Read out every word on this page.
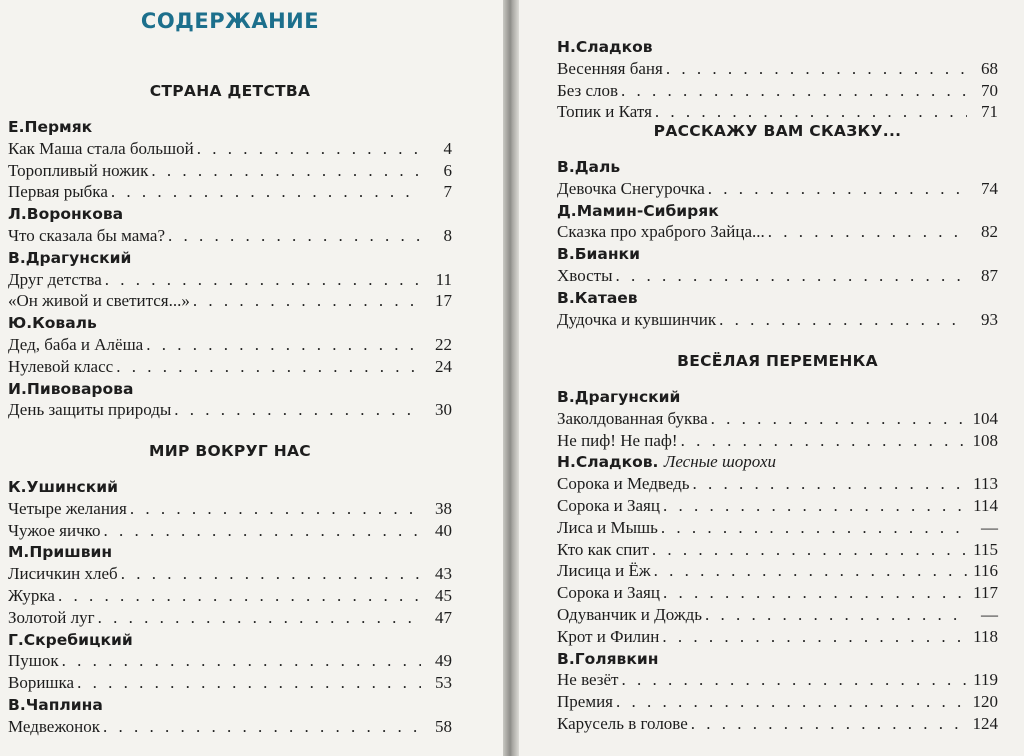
СОДЕРЖАНИЕ
СТРАНА ДЕТСТВА
Е.Пермяк
Как Маша стала большой . . .	4
Торопливый ножик . . .	6
Первая рыбка . . .	7
Л.Воронкова
Что сказала бы мама? . . .	8
В.Драгунский
Друг детства . . .	11
«Он живой и светится...» . . .	17
Ю.Коваль
Дед, баба и Алёша . . .	22
Нулевой класс . . .	24
И.Пивоварова
День защиты природы . . .	30
МИР ВОКРУГ НАС
К.Ушинский
Четыре желания . . .	38
Чужое яичко . . .	40
М.Пришвин
Лисичкин хлеб . . .	43
Журка . . .	45
Золотой луг . . .	47
Г.Скребицкий
Пушок . . .	49
Воришка . . .	53
В.Чаплина
Медвежонок . . .	58
Н.Сладков
Весенняя баня . . .	68
Без слов . . .	70
Топик и Катя . . .	71
РАССКАЖУ ВАМ СКАЗКУ...
В.Даль
Девочка Снегурочка . . .	74
Д.Мамин-Сибиряк
Сказка про храброго Зайца... . . .	82
В.Бианки
Хвосты . . .	87
В.Катаев
Дудочка и кувшинчик . . .	93
ВЕСЁЛАЯ ПЕРЕМЕНКА
В.Драгунский
Заколдованная буква . . .	104
Не пиф! Не паф! . . .	108
Н.Сладков. Лесные шорохи
Сорока и Медведь . . .	113
Сорока и Заяц . . .	114
Лиса и Мышь . . .	—
Кто как спит . . .	115
Лисица и Ёж . . .	116
Сорока и Заяц . . .	117
Одуванчик и Дождь . . .	—
Крот и Филин . . .	118
В.Голявкин
Не везёт . . .	119
Премия . . .	120
Карусель в голове . . .	124
